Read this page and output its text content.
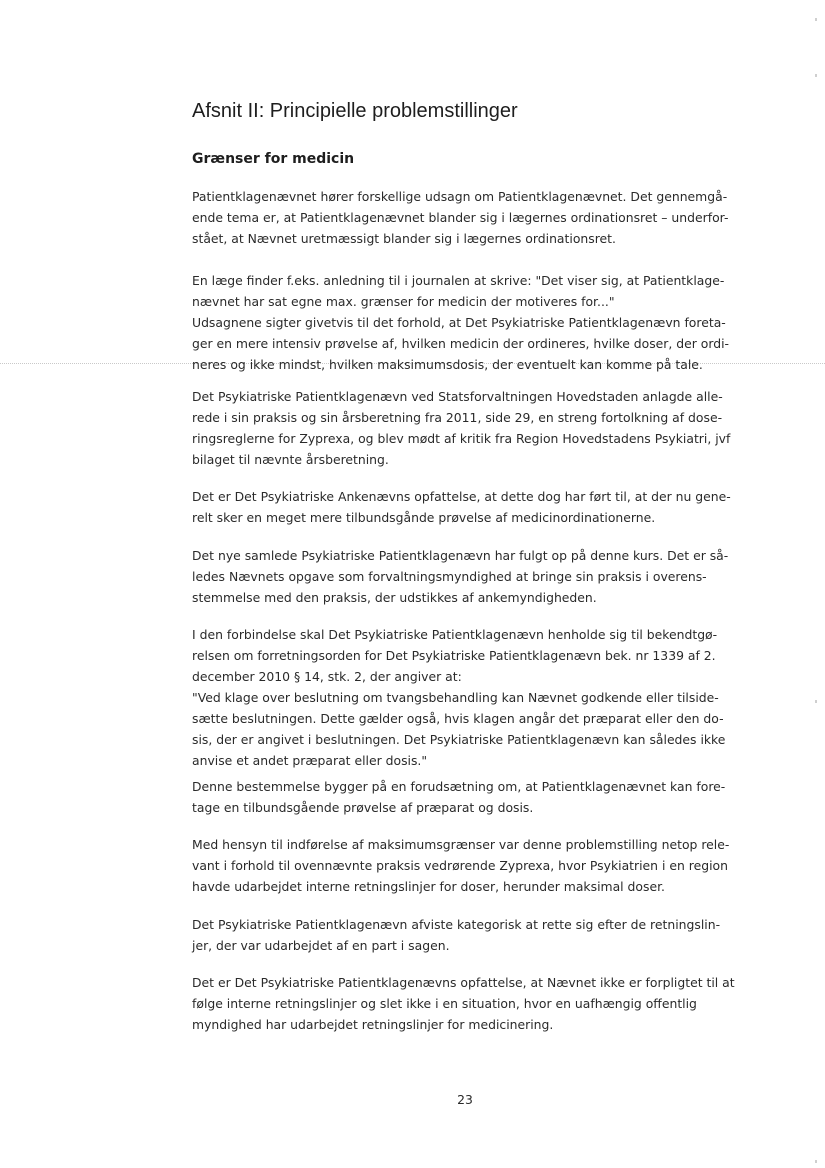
Afsnit II: Principielle problemstillinger
Grænser for medicin
Patientklagenævnet hører forskellige udsagn om Patientklagenævnet. Det gennemgå-
ende tema er, at Patientklagenævnet blander sig i lægernes ordinationsret – underfor-
stået, at Nævnet uretmæssigt blander sig i lægernes ordinationsret.
En læge finder f.eks. anledning til i journalen at skrive: "Det viser sig, at Patientklage-
nævnet har sat egne max. grænser for medicin der motiveres for..."
Udsagnene sigter givetvis til det forhold, at Det Psykiatriske Patientklagenævn foreta-
ger en mere intensiv prøvelse af, hvilken medicin der ordineres, hvilke doser, der ordi-
neres og ikke mindst, hvilken maksimumsdosis, der eventuelt kan komme på tale.
Det Psykiatriske Patientklagenævn ved Statsforvaltningen Hovedstaden anlagde alle-
rede i sin praksis og sin årsberetning fra 2011, side 29, en streng fortolkning af dose-
ringsreglerne for Zyprexa, og blev mødt af kritik fra Region Hovedstadens Psykiatri, jvf
bilaget til nævnte årsberetning.
Det er Det Psykiatriske Ankenævns opfattelse, at dette dog har ført til, at der nu gene-
relt sker en meget mere tilbundsgånde prøvelse af medicinordinationerne.
Det nye samlede Psykiatriske Patientklagenævn har fulgt op på denne kurs. Det er så-
ledes Nævnets opgave som forvaltningsmyndighed at bringe sin praksis i overens-
stemmelse med den praksis, der udstikkes af ankemyndigheden.
I den forbindelse skal Det Psykiatriske Patientklagenævn henholde sig til bekendtgø-
relsen om forretningsorden for Det Psykiatriske Patientklagenævn bek. nr 1339 af 2.
december 2010 § 14, stk. 2, der angiver at:
"Ved klage over beslutning om tvangsbehandling kan Nævnet godkende eller tilside-
sætte beslutningen. Dette gælder også, hvis klagen angår det præparat eller den do-
sis, der er angivet i beslutningen. Det Psykiatriske Patientklagenævn kan således ikke
anvise et andet præparat eller dosis."
Denne bestemmelse bygger på en forudsætning om, at Patientklagenævnet kan fore-
tage en tilbundsgående prøvelse af præparat og dosis.
Med hensyn til indførelse af maksimumsgrænser var denne problemstilling netop rele-
vant i forhold til ovennævnte praksis vedrørende Zyprexa, hvor Psykiatrien i en region
havde udarbejdet interne retningslinjer for doser, herunder maksimal doser.
Det Psykiatriske Patientklagenævn afviste kategorisk at rette sig efter de retningslin-
jer, der var udarbejdet af en part i sagen.
Det er Det Psykiatriske Patientklagenævns opfattelse, at Nævnet ikke er forpligtet til at
følge interne retningslinjer og slet ikke i en situation, hvor en uafhængig offentlig
myndighed har udarbejdet retningslinjer for medicinering.
23
